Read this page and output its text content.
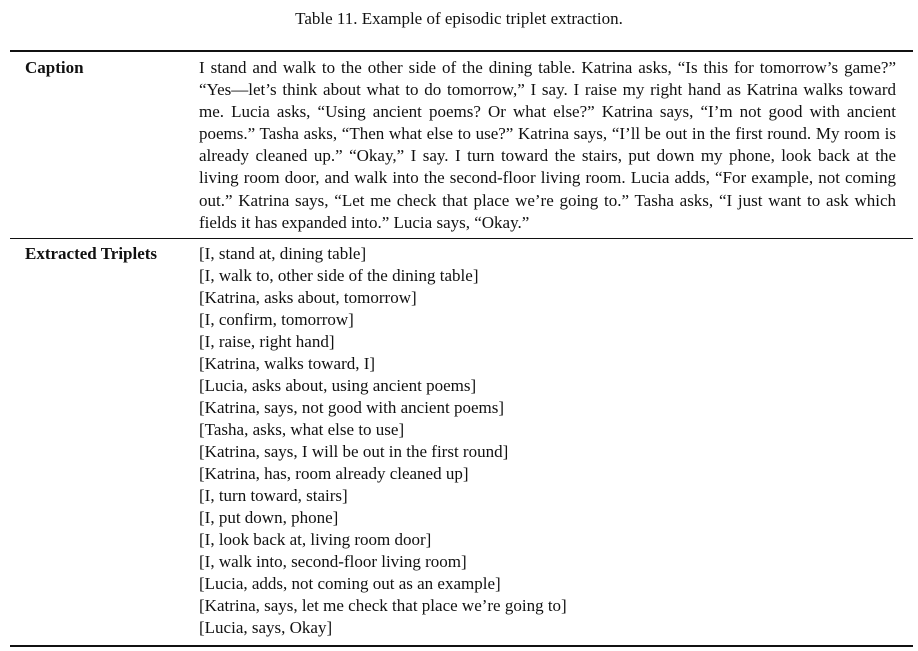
Table 11. Example of episodic triplet extraction.
Caption	I stand and walk to the other side of the dining table. Katrina asks, “Is this for tomorrow’s game?” “Yes—let’s think about what to do tomorrow,” I say. I raise my right hand as Katrina walks toward me. Lucia asks, “Using ancient poems? Or what else?” Katrina says, “I’m not good with ancient poems.” Tasha asks, “Then what else to use?” Katrina says, “I’ll be out in the first round. My room is already cleaned up.” “Okay,” I say. I turn toward the stairs, put down my phone, look back at the living room door, and walk into the second-floor living room. Lucia adds, “For example, not coming out.” Katrina says, “Let me check that place we’re going to.” Tasha asks, “I just want to ask which fields it has expanded into.” Lucia says, “Okay.”
Extracted Triplets [I, stand at, dining table]
[I, walk to, other side of the dining table]
[Katrina, asks about, tomorrow]
[I, confirm, tomorrow]
[I, raise, right hand]
[Katrina, walks toward, I]
[Lucia, asks about, using ancient poems]
[Katrina, says, not good with ancient poems]
[Tasha, asks, what else to use]
[Katrina, says, I will be out in the first round]
[Katrina, has, room already cleaned up]
[I, turn toward, stairs]
[I, put down, phone]
[I, look back at, living room door]
[I, walk into, second-floor living room]
[Lucia, adds, not coming out as an example]
[Katrina, says, let me check that place we’re going to]
[Lucia, says, Okay]
